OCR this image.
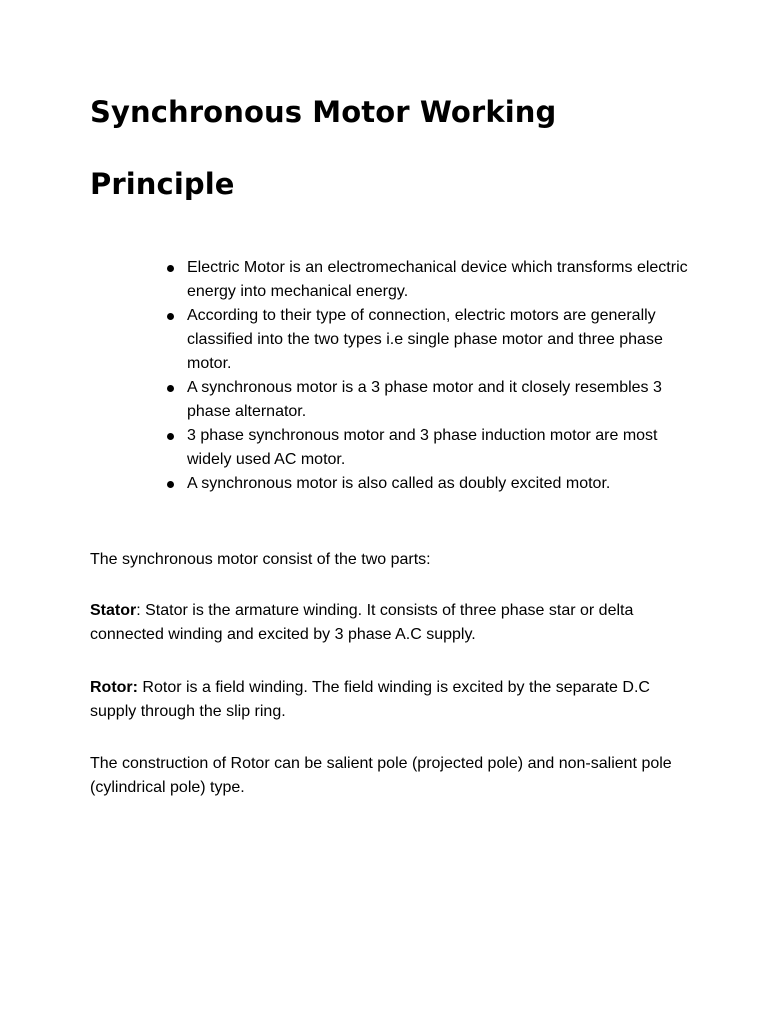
Synchronous Motor Working
Principle
Electric Motor is an electromechanical device which transforms electric energy into mechanical energy.
According to their type of connection, electric motors are generally classified into the two types i.e single phase motor and three phase motor.
A synchronous motor is a 3 phase motor and it closely resembles 3 phase alternator.
3 phase synchronous motor and 3 phase induction motor are most widely used AC motor.
A synchronous motor is also called as doubly excited motor.

The synchronous motor consist of the two parts:

Stator: Stator is the armature winding. It consists of three phase star or delta connected winding and excited by 3 phase A.C supply.

Rotor: Rotor is a field winding. The field winding is excited by the separate D.C supply through the slip ring.

The construction of Rotor can be salient pole (projected pole) and non-salient pole (cylindrical pole) type.
